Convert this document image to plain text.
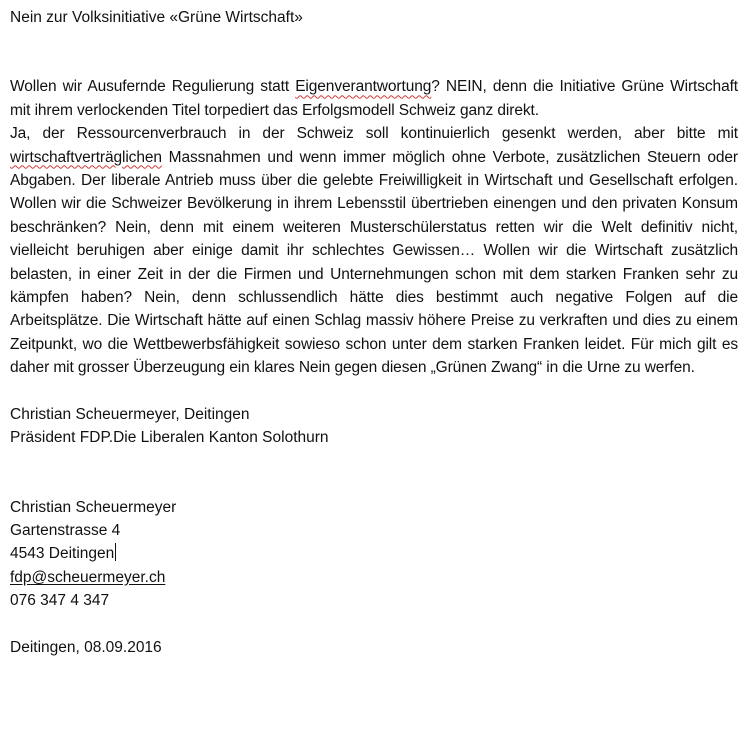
Nein zur Volksinitiative «Grüne Wirtschaft»

Wollen wir Ausufernde Regulierung statt Eigenverantwortung? NEIN, denn die Initiative Grüne Wirtschaft mit ihrem verlockenden Titel torpediert das Erfolgsmodell Schweiz ganz direkt.

Ja, der Ressourcenverbrauch in der Schweiz soll kontinuierlich gesenkt werden, aber bitte mit wirtschaftverträglichen Massnahmen und wenn immer möglich ohne Verbote, zusätzlichen Steuern oder Abgaben. Der liberale Antrieb muss über die gelebte Freiwilligkeit in Wirtschaft und Gesellschaft erfolgen. Wollen wir die Schweizer Bevölkerung in ihrem Lebensstil übertrieben einengen und den privaten Konsum beschränken? Nein, denn mit einem weiteren Musterschülerstatus retten wir die Welt definitiv nicht, vielleicht beruhigen aber einige damit ihr schlechtes Gewissen… Wollen wir die Wirtschaft zusätzlich belasten, in einer Zeit in der die Firmen und Unternehmungen schon mit dem starken Franken sehr zu kämpfen haben? Nein, denn schlussendlich hätte dies bestimmt auch negative Folgen auf die Arbeitsplätze. Die Wirtschaft hätte auf einen Schlag massiv höhere Preise zu verkraften und dies zu einem Zeitpunkt, wo die Wettbewerbsfähigkeit sowieso schon unter dem starken Franken leidet. Für mich gilt es daher mit grosser Überzeugung ein klares Nein gegen diesen „Grünen Zwang“ in die Urne zu werfen.

Christian Scheuermeyer, Deitingen

Präsident FDP.Die Liberalen Kanton Solothurn

Christian Scheuermeyer

Gartenstrasse 4

4543 Deitingen

fdp@scheuermeyer.ch

076 347 4 347

Deitingen, 08.09.2016
